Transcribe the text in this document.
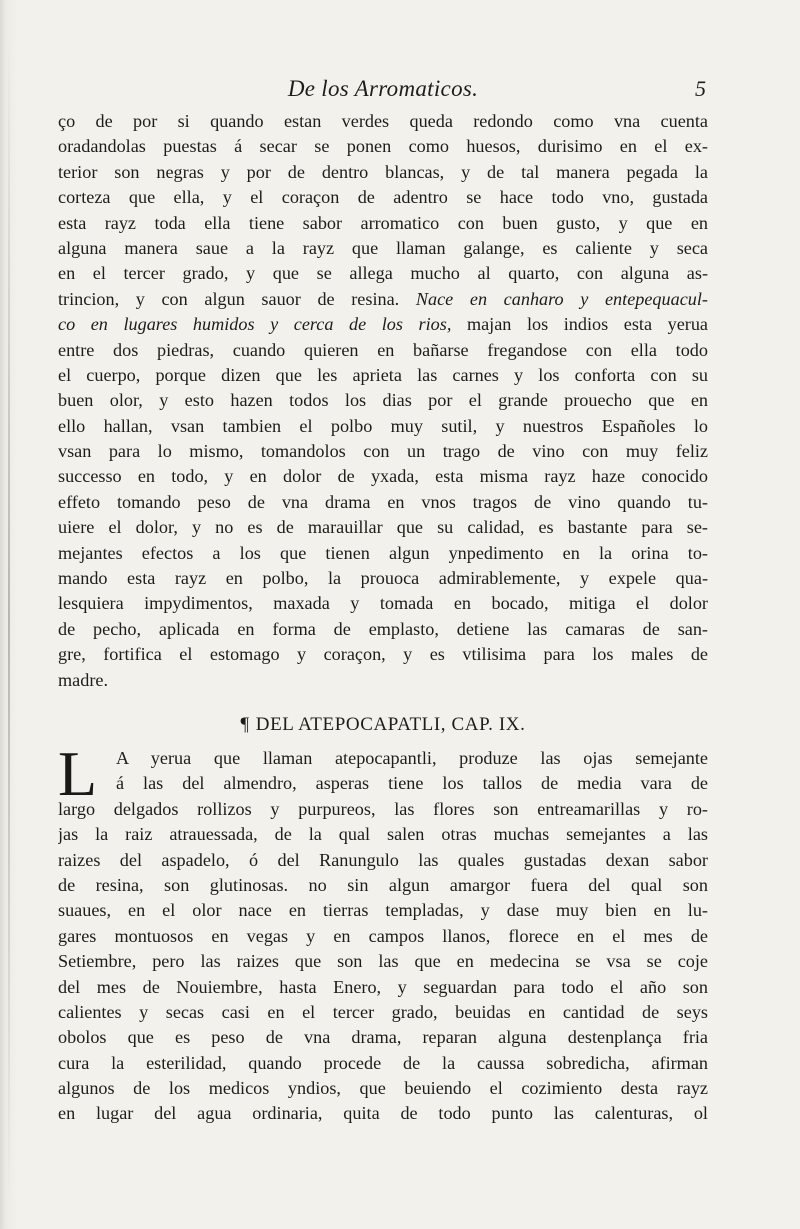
De los Arromaticos.	5
ço de por si quando estan verdes queda redondo como vna cuenta
oradandolas puestas á secar se ponen como huesos, durisimo en el ex-
terior son negras y por de dentro blancas, y de tal manera pegada la
corteza que ella, y el coraçon de adentro se hace todo vno, gustada
esta rayz toda ella tiene sabor arromatico con buen gusto, y que en
alguna manera saue a la rayz que llaman galange, es caliente y seca
en el tercer grado, y que se allega mucho al quarto, con alguna as-
trincion, y con algun sauor de resina. Nace en canharo y entepequacul-
co en lugares humidos y cerca de los rios, majan los indios esta yerua
entre dos piedras, cuando quieren en bañarse fregandose con ella todo
el cuerpo, porque dizen que les aprieta las carnes y los conforta con su
buen olor, y esto hazen todos los dias por el grande prouecho que en
ello hallan, vsan tambien el polbo muy sutil, y nuestros Españoles lo
vsan para lo mismo, tomandolos con un trago de vino con muy feliz
successo en todo, y en dolor de yxada, esta misma rayz haze conocido
effeto tomando peso de vna drama en vnos tragos de vino quando tu-
uiere el dolor, y no es de marauillar que su calidad, es bastante para se-
mejantes efectos a los que tienen algun ynpedimento en la orina to-
mando esta rayz en polbo, la prouoca admirablemente, y expele qua-
lesquiera impydimentos, maxada y tomada en bocado, mitiga el dolor
de pecho, aplicada en forma de emplasto, detiene las camaras de san-
gre, fortifica el estomago y coraçon, y es vtilisima para los males de
madre.
¶ DEL ATEPOCAPATLI, CAP. IX.
L	A yerua que llaman atepocapantli, produze las ojas semejante
á las del almendro, asperas tiene los tallos de media vara de
largo delgados rollizos y purpureos, las flores son entreamarillas y ro-
jas la raiz atrauessada, de la qual salen otras muchas semejantes a las
raizes del aspadelo, ó del Ranungulo las quales gustadas dexan sabor
de resina, son glutinosas. no sin algun amargor fuera del qual son
suaues, en el olor nace en tierras templadas, y dase muy bien en lu-
gares montuosos en vegas y en campos llanos, florece en el mes de
Setiembre, pero las raizes que son las que en medecina se vsa se coje
del mes de Nouiembre, hasta Enero, y seguardan para todo el año son
calientes y secas casi en el tercer grado, beuidas en cantidad de seys
obolos que es peso de vna drama, reparan alguna destenplança fria
cura la esterilidad, quando procede de la caussa sobredicha, afirman
algunos de los medicos yndios, que beuiendo el cozimiento desta rayz
en lugar del agua ordinaria, quita de todo punto las calenturas, ol
